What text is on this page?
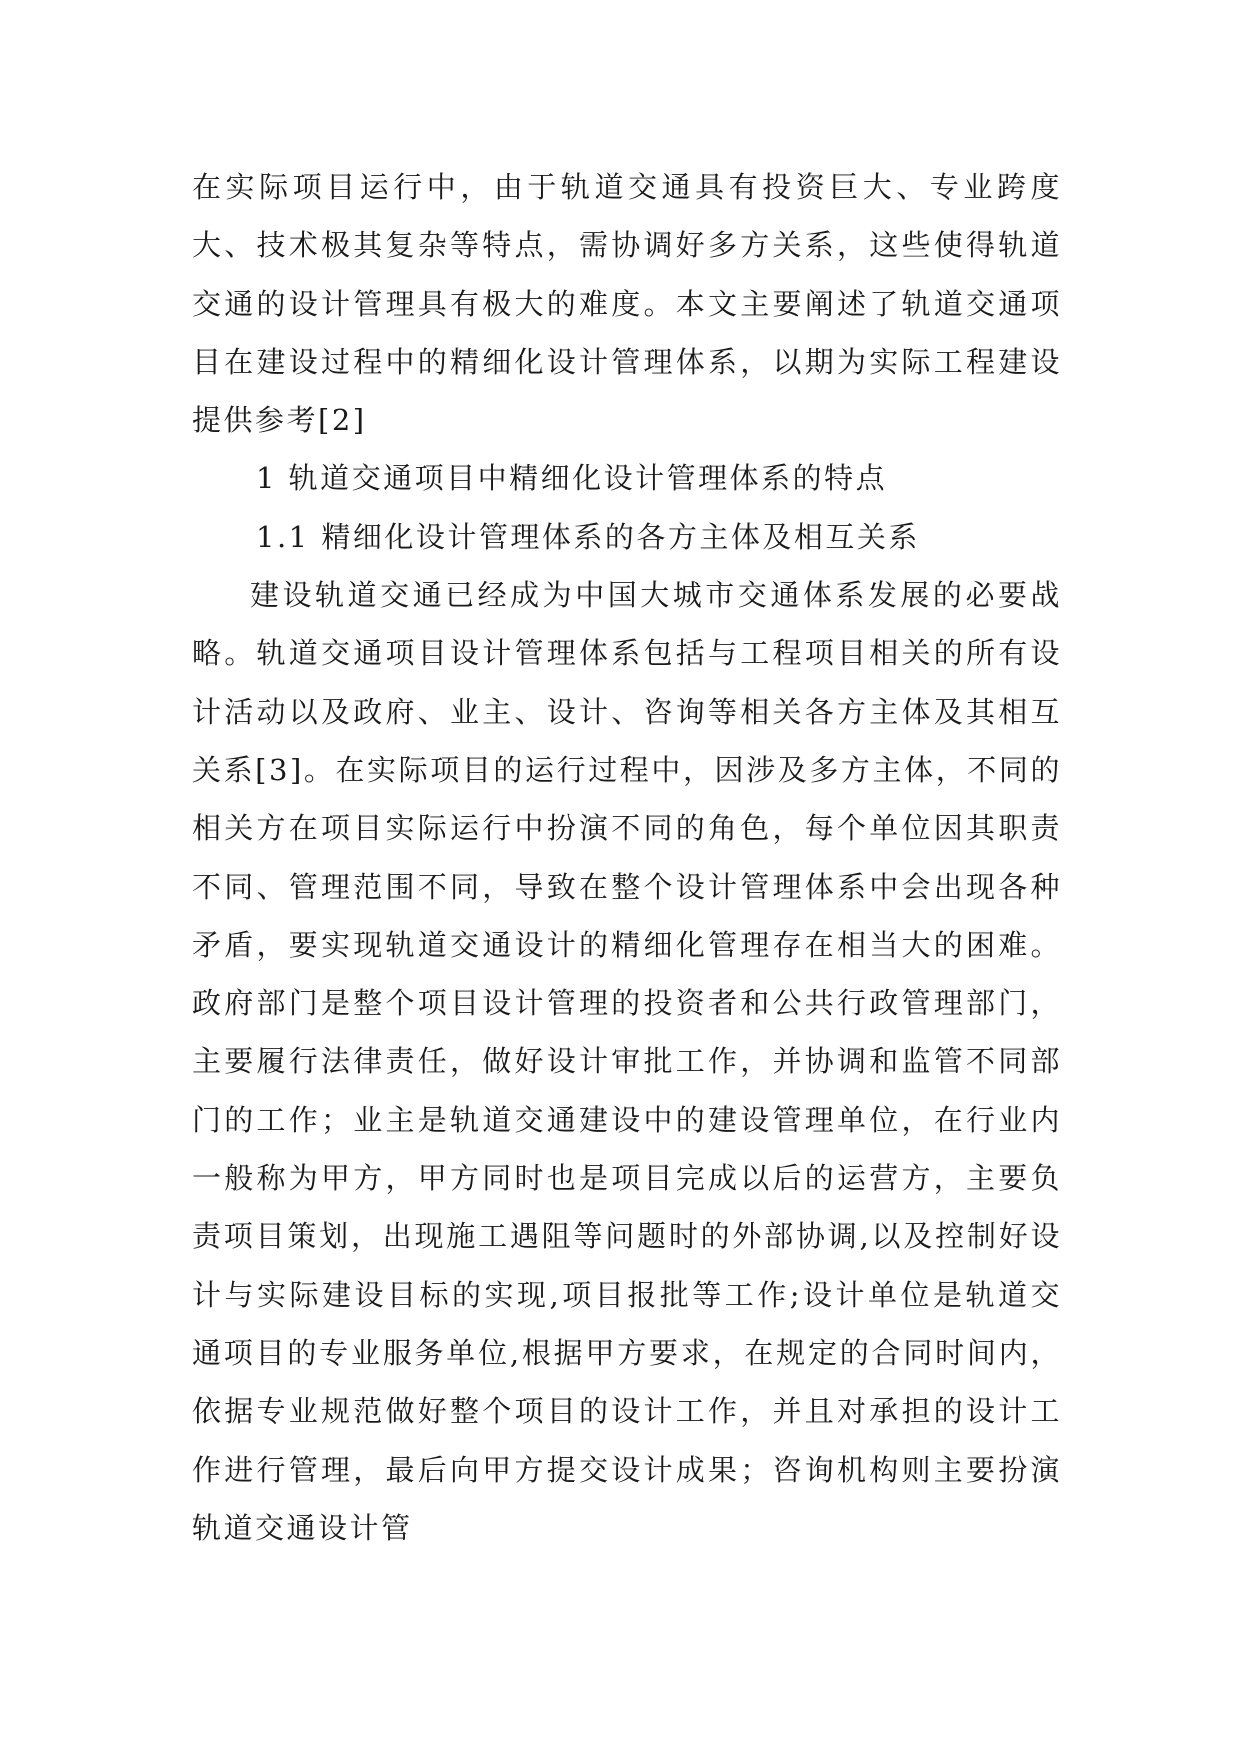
在实际项目运行中，由于轨道交通具有投资巨大、专业跨度大、技术极其复杂等特点，需协调好多方关系，这些使得轨道交通的设计管理具有极大的难度。本文主要阐述了轨道交通项目在建设过程中的精细化设计管理体系，以期为实际工程建设提供参考[2]

1 轨道交通项目中精细化设计管理体系的特点

1.1 精细化设计管理体系的各方主体及相互关系

建设轨道交通已经成为中国大城市交通体系发展的必要战略。轨道交通项目设计管理体系包括与工程项目相关的所有设计活动以及政府、业主、设计、咨询等相关各方主体及其相互关系[3]。在实际项目的运行过程中，因涉及多方主体，不同的相关方在项目实际运行中扮演不同的角色，每个单位因其职责不同、管理范围不同，导致在整个设计管理体系中会出现各种矛盾，要实现轨道交通设计的精细化管理存在相当大的困难。政府部门是整个项目设计管理的投资者和公共行政管理部门，主要履行法律责任，做好设计审批工作，并协调和监管不同部门的工作；业主是轨道交通建设中的建设管理单位，在行业内一般称为甲方，甲方同时也是项目完成以后的运营方，主要负责项目策划，出现施工遇阻等问题时的外部协调,以及控制好设计与实际建设目标的实现,项目报批等工作;设计单位是轨道交通项目的专业服务单位,根据甲方要求，在规定的合同时间内，依据专业规范做好整个项目的设计工作，并且对承担的设计工作进行管理，最后向甲方提交设计成果；咨询机构则主要扮演轨道交通设计管
